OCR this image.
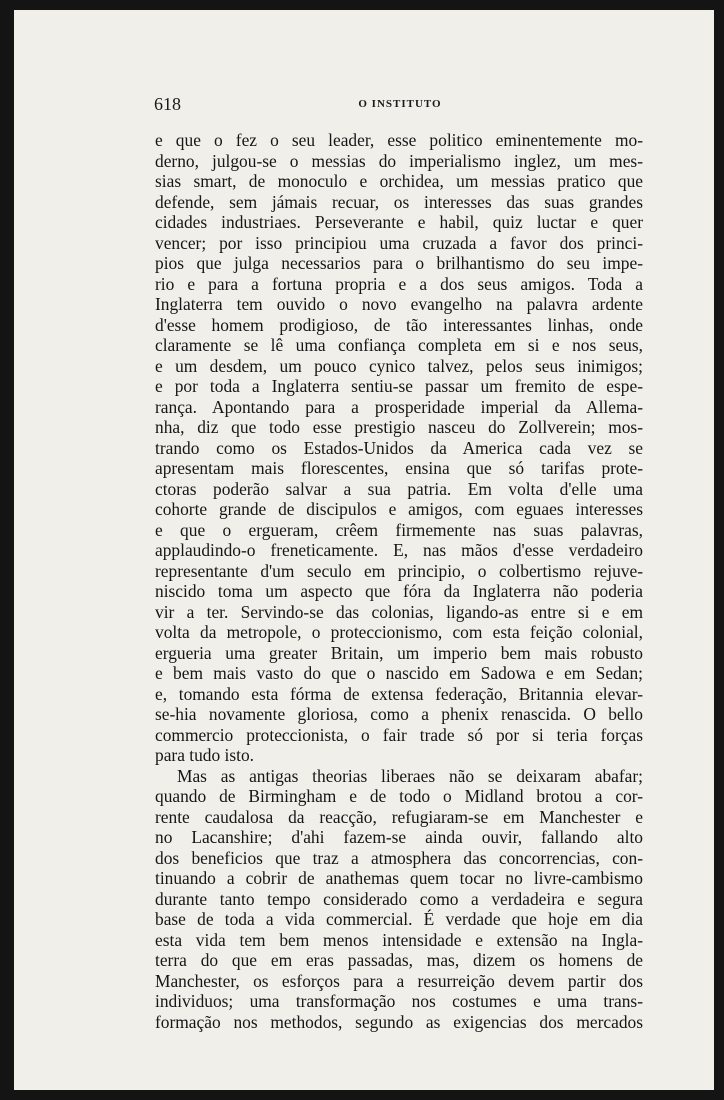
618	O INSTITUTO
e que o fez o seu leader, esse politico eminentemente mo-
derno, julgou-se o messias do imperialismo inglez, um mes-
sias smart, de monoculo e orchidea, um messias pratico que
defende, sem jámais recuar, os interesses das suas grandes
cidades industriaes. Perseverante e habil, quiz luctar e quer
vencer; por isso principiou uma cruzada a favor dos princi-
pios que julga necessarios para o brilhantismo do seu impe-
rio e para a fortuna propria e a dos seus amigos. Toda a
Inglaterra tem ouvido o novo evangelho na palavra ardente
d'esse homem prodigioso, de tão interessantes linhas, onde
claramente se lê uma confiança completa em si e nos seus,
e um desdem, um pouco cynico talvez, pelos seus inimigos;
e por toda a Inglaterra sentiu-se passar um fremito de espe-
rança. Apontando para a prosperidade imperial da Allema-
nha, diz que todo esse prestigio nasceu do Zollverein; mos-
trando como os Estados-Unidos da America cada vez se
apresentam mais florescentes, ensina que só tarifas prote-
ctoras poderão salvar a sua patria. Em volta d'elle uma
cohorte grande de discipulos e amigos, com eguaes interesses
e que o ergueram, crêem firmemente nas suas palavras,
applaudindo-o freneticamente. E, nas mãos d'esse verdadeiro
representante d'um seculo em principio, o colbertismo rejuve-
niscido toma um aspecto que fóra da Inglaterra não poderia
vir a ter. Servindo-se das colonias, ligando-as entre si e em
volta da metropole, o proteccionismo, com esta feição colonial,
ergueria uma greater Britain, um imperio bem mais robusto
e bem mais vasto do que o nascido em Sadowa e em Sedan;
e, tomando esta fórma de extensa federação, Britannia elevar-
se-hia novamente gloriosa, como a phenix renascida. O bello
commercio proteccionista, o fair trade só por si teria forças
para tudo isto.
Mas as antigas theorias liberaes não se deixaram abafar;
quando de Birmingham e de todo o Midland brotou a cor-
rente caudalosa da reacção, refugiaram-se em Manchester e
no Lacanshire; d'ahi fazem-se ainda ouvir, fallando alto
dos beneficios que traz a atmosphera das concorrencias, con-
tinuando a cobrir de anathemas quem tocar no livre-cambismo
durante tanto tempo considerado como a verdadeira e segura
base de toda a vida commercial. É verdade que hoje em dia
esta vida tem bem menos intensidade e extensão na Ingla-
terra do que em eras passadas, mas, dizem os homens de
Manchester, os esforços para a resurreição devem partir dos
individuos; uma transformação nos costumes e uma trans-
formação nos methodos, segundo as exigencias dos mercados
